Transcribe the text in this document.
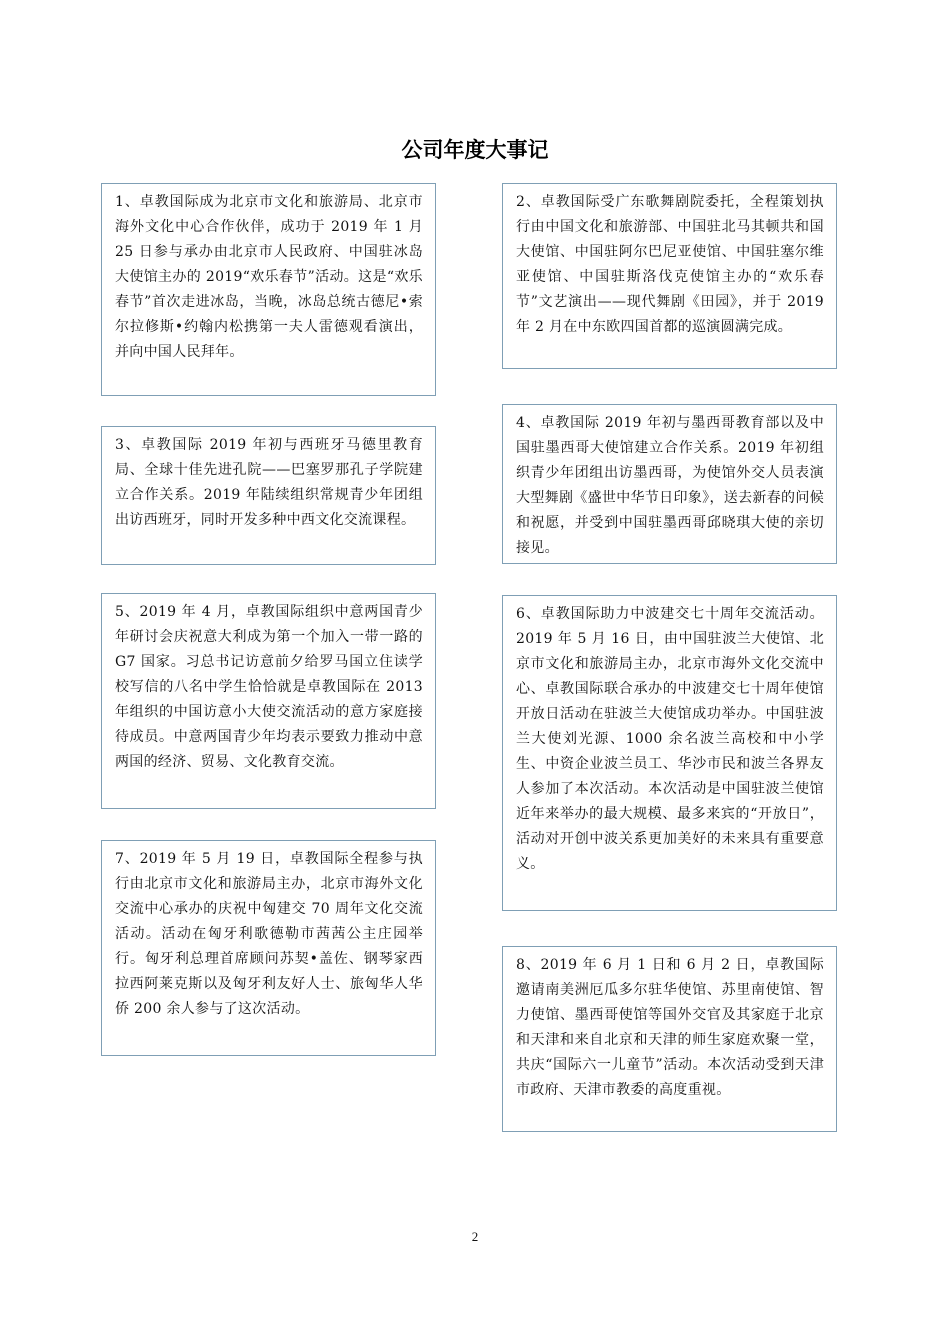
公司年度大事记
1、卓教国际成为北京市文化和旅游局、北京市海外文化中心合作伙伴，成功于 2019 年 1 月 25 日参与承办由北京市人民政府、中国驻冰岛大使馆主办的 2019“欢乐春节”活动。这是“欢乐春节”首次走进冰岛，当晚，冰岛总统古德尼•索尔拉修斯•约翰内松携第一夫人雷德观看演出，并向中国人民拜年。
2、卓教国际受广东歌舞剧院委托，全程策划执行由中国文化和旅游部、中国驻北马其顿共和国大使馆、中国驻阿尔巴尼亚使馆、中国驻塞尔维亚使馆、中国驻斯洛伐克使馆主办的“欢乐春节”文艺演出——现代舞剧《田园》，并于 2019 年 2 月在中东欧四国首都的巡演圆满完成。
3、卓教国际 2019 年初与西班牙马德里教育局、全球十佳先进孔院——巴塞罗那孔子学院建立合作关系。2019 年陆续组织常规青少年团组出访西班牙，同时开发多种中西文化交流课程。
4、卓教国际 2019 年初与墨西哥教育部以及中国驻墨西哥大使馆建立合作关系。2019 年初组织青少年团组出访墨西哥，为使馆外交人员表演大型舞剧《盛世中华节日印象》，送去新春的问候和祝愿，并受到中国驻墨西哥邱晓琪大使的亲切接见。
5、2019 年 4 月，卓教国际组织中意两国青少年研讨会庆祝意大利成为第一个加入一带一路的 G7 国家。习总书记访意前夕给罗马国立住读学校写信的八名中学生恰恰就是卓教国际在 2013 年组织的中国访意小大使交流活动的意方家庭接待成员。中意两国青少年均表示要致力推动中意两国的经济、贸易、文化教育交流。
6、卓教国际助力中波建交七十周年交流活动。2019 年 5 月 16 日，由中国驻波兰大使馆、北京市文化和旅游局主办，北京市海外文化交流中心、卓教国际联合承办的中波建交七十周年使馆开放日活动在驻波兰大使馆成功举办。中国驻波兰大使刘光源、1000 余名波兰高校和中小学生、中资企业波兰员工、华沙市民和波兰各界友人参加了本次活动。本次活动是中国驻波兰使馆近年来举办的最大规模、最多来宾的“开放日”，活动对开创中波关系更加美好的未来具有重要意义。
7、2019 年 5 月 19 日，卓教国际全程参与执行由北京市文化和旅游局主办，北京市海外文化交流中心承办的庆祝中匈建交 70 周年文化交流活动。活动在匈牙利歌德勒市茜茜公主庄园举行。匈牙利总理首席顾问苏契•盖佐、钢琴家西拉西阿莱克斯以及匈牙利友好人士、旅匈华人华侨 200 余人参与了这次活动。
8、2019 年 6 月 1 日和 6 月 2 日，卓教国际邀请南美洲厄瓜多尔驻华使馆、苏里南使馆、智力使馆、墨西哥使馆等国外交官及其家庭于北京和天津和来自北京和天津的师生家庭欢聚一堂，共庆“国际六一儿童节”活动。本次活动受到天津市政府、天津市教委的高度重视。
2
